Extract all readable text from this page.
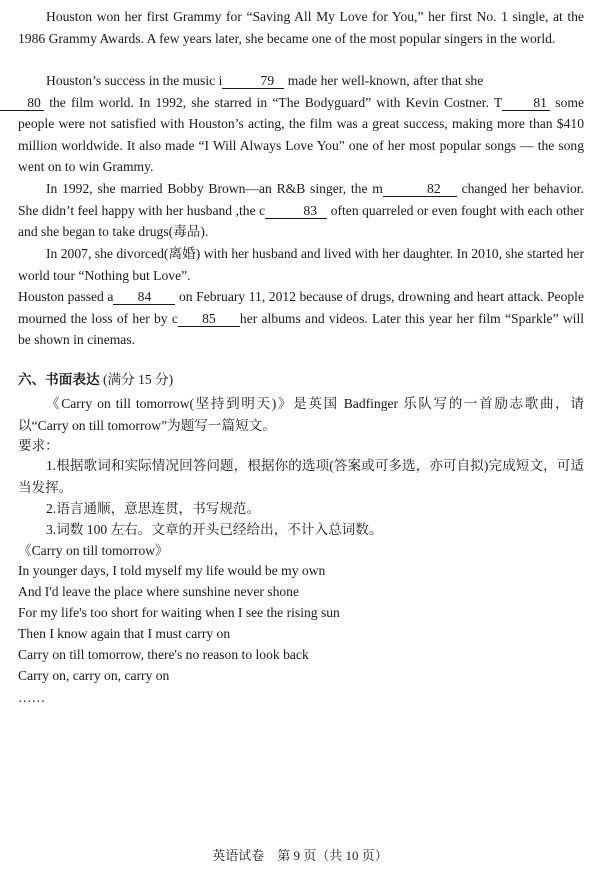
Houston won her first Grammy for “Saving All My Love for You,” her first No. 1 single, at the 1986 Grammy Awards. A few years later, she became one of the most popular singers in the world.

Houston’s success in the music i	79 made her well-known, after that she
80 the film world. In 1992, she starred in “The Bodyguard” with Kevin Costner. T 81 some people were not satisfied with Houston’s acting, the film was a great success, making more than $410 million worldwide. It also made “I Will Always Love You” one of her most popular songs — the song went on to win Grammy.

In 1992, she married Bobby Brown—an R&B singer, the m	82 changed her behavior. She didn’t feel happy with her husband ,the c	83 often quarreled or even fought with each other and she began to take drugs(毒品).

In 2007, she divorced(离婚) with her husband and lived with her daughter. In 2010, she started her world tour “Nothing but Love”.

Houston passed a 84 on February 11, 2012 because of drugs, drowning and heart attack. People mourned the loss of her by c 85 her albums and videos. Later this year her film “Sparkle” will be shown in cinemas.

六、书面表达 (满分 15 分)

《Carry on till tomorrow(坚持到明天)》是英国 Badfinger 乐队写的一首励志歌曲，请以“Carry on till tomorrow”为题写一篇短文。

要求：

1.根据歌词和实际情况回答问题，根据你的选项(答案或可多选，亦可自拟)完成短文，可适当发挥。

2.语言通顺，意思连贯，书写规范。
3.词数 100 左右。文章的开头已经给出，不计入总词数。
《Carry on till tomorrow》
In younger days, I told myself my life would be my own
And I'd leave the place where sunshine never shone
For my life's too short for waiting when I see the rising sun
Then I know again that I must carry on
Carry on till tomorrow, there's no reason to look back
Carry on, carry on, carry on
……
英语试卷　第 9 页（共 10 页）
